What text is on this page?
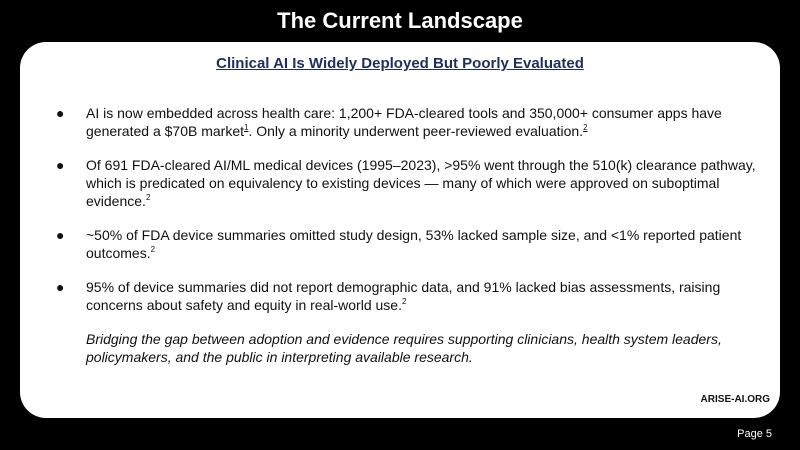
The Current Landscape
Clinical AI Is Widely Deployed But Poorly Evaluated
● AI is now embedded across health care: 1,200+ FDA-cleared tools and 350,000+ consumer apps have generated a $70B market$^1$. Only a minority underwent peer-reviewed evaluation.$^2$
● Of 691 FDA-cleared AI/ML medical devices (1995–2023), >95% went through the 510(k) clearance pathway, which is predicated on equivalency to existing devices — many of which were approved on suboptimal evidence.$^2$
● ~50% of FDA device summaries omitted study design, 53% lacked sample size, and <1% reported patient outcomes.$^2$
● 95% of device summaries did not report demographic data, and 91% lacked bias assessments, raising concerns about safety and equity in real-world use.$^2$
Bridging the gap between adoption and evidence requires supporting clinicians, health system leaders, policymakers, and the public in interpreting available research.
ARISE-AI.ORG
Page 5
